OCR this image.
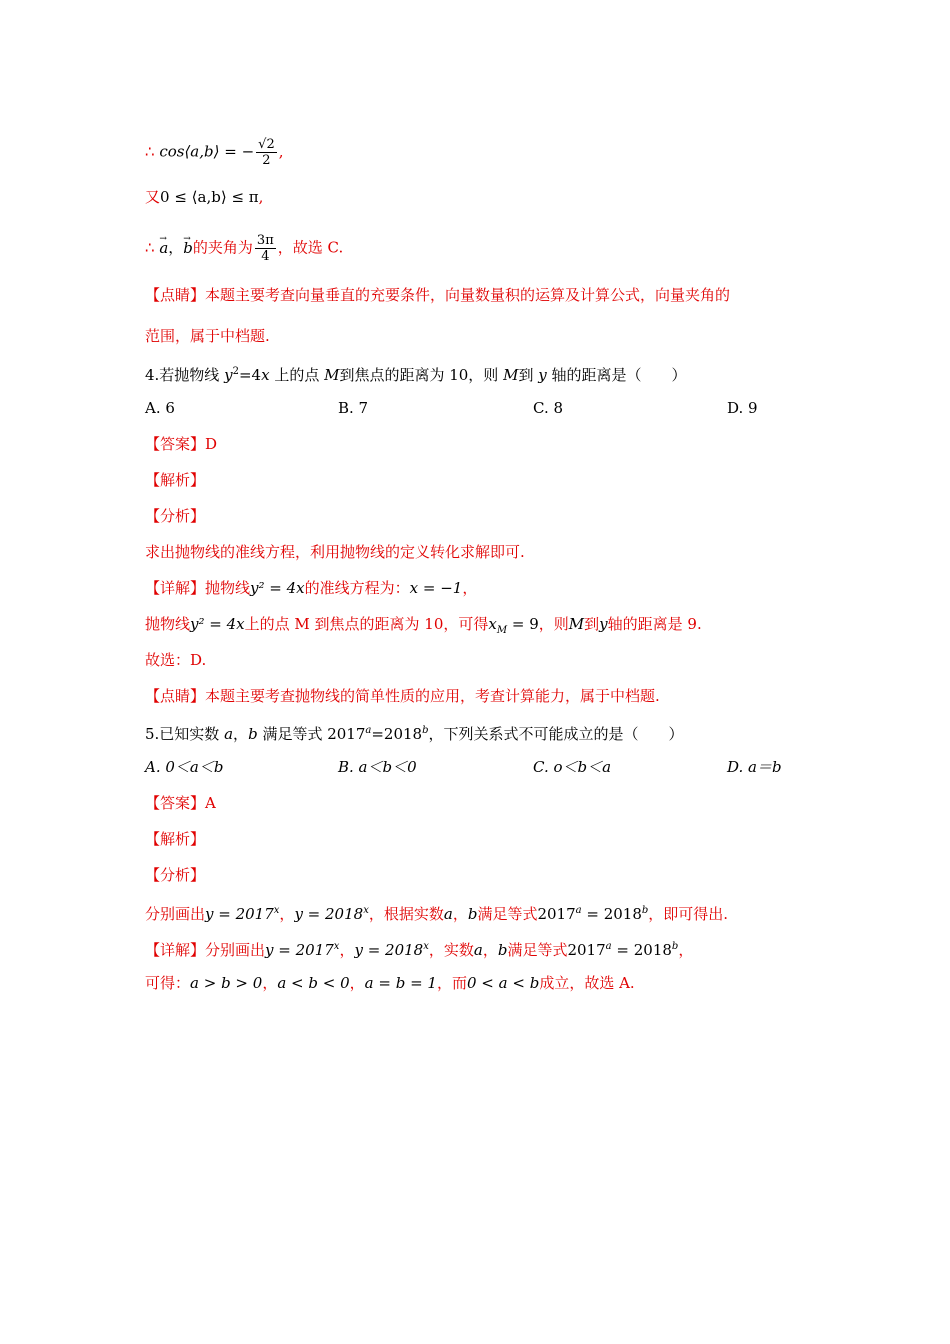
∴ cos⟨a,b⟩ = − $\frac{√2}{2}$ ,
又0 ≤ ⟨a,b⟩ ≤ π,
∴ → a，→ b的夹角为 $\frac{3\pi}{4}$ ，故选 C.
【点睛】本题主要考查向量垂直的充要条件，向量数量积的运算及计算公式，向量夹角的
范围，属于中档题.
4.若抛物线 $y^2=4x$ 上的点 M到焦点的距离为 10，则 M到 y 轴的距离是（　　）
A. 6	B. 7	C. 8	D. 9
【答案】D
【解析】
【分析】
求出抛物线的准线方程，利用抛物线的定义转化求解即可.
【详解】抛物线y² = 4x的准线方程为：x = −1，
抛物线y² = 4x上的点 M 到焦点的距离为 10，可得$x_M = 9$，则M到y轴的距离是 9.
故选：D.
【点睛】本题主要考查抛物线的简单性质的应用，考查计算能力，属于中档题.
5.已知实数 a，b 满足等式 $2017^a=2018^b$，下列关系式不可能成立的是（　　）
A. 0＜a＜b	B. a＜b＜0	C. o＜b＜a	D. a＝b
【答案】A
【解析】
【分析】
分别画出$y = 2017^x$，$y = 2018^x$，根据实数a，b满足等式$2017^a = 2018^b$，即可得出.
【详解】分别画出$y = 2017^x$，$y = 2018^x$，实数a，b满足等式$2017^a = 2018^b$，
可得：a > b > 0，a < b < 0，a = b = 1，而0 < a < b成立，故选 A.
